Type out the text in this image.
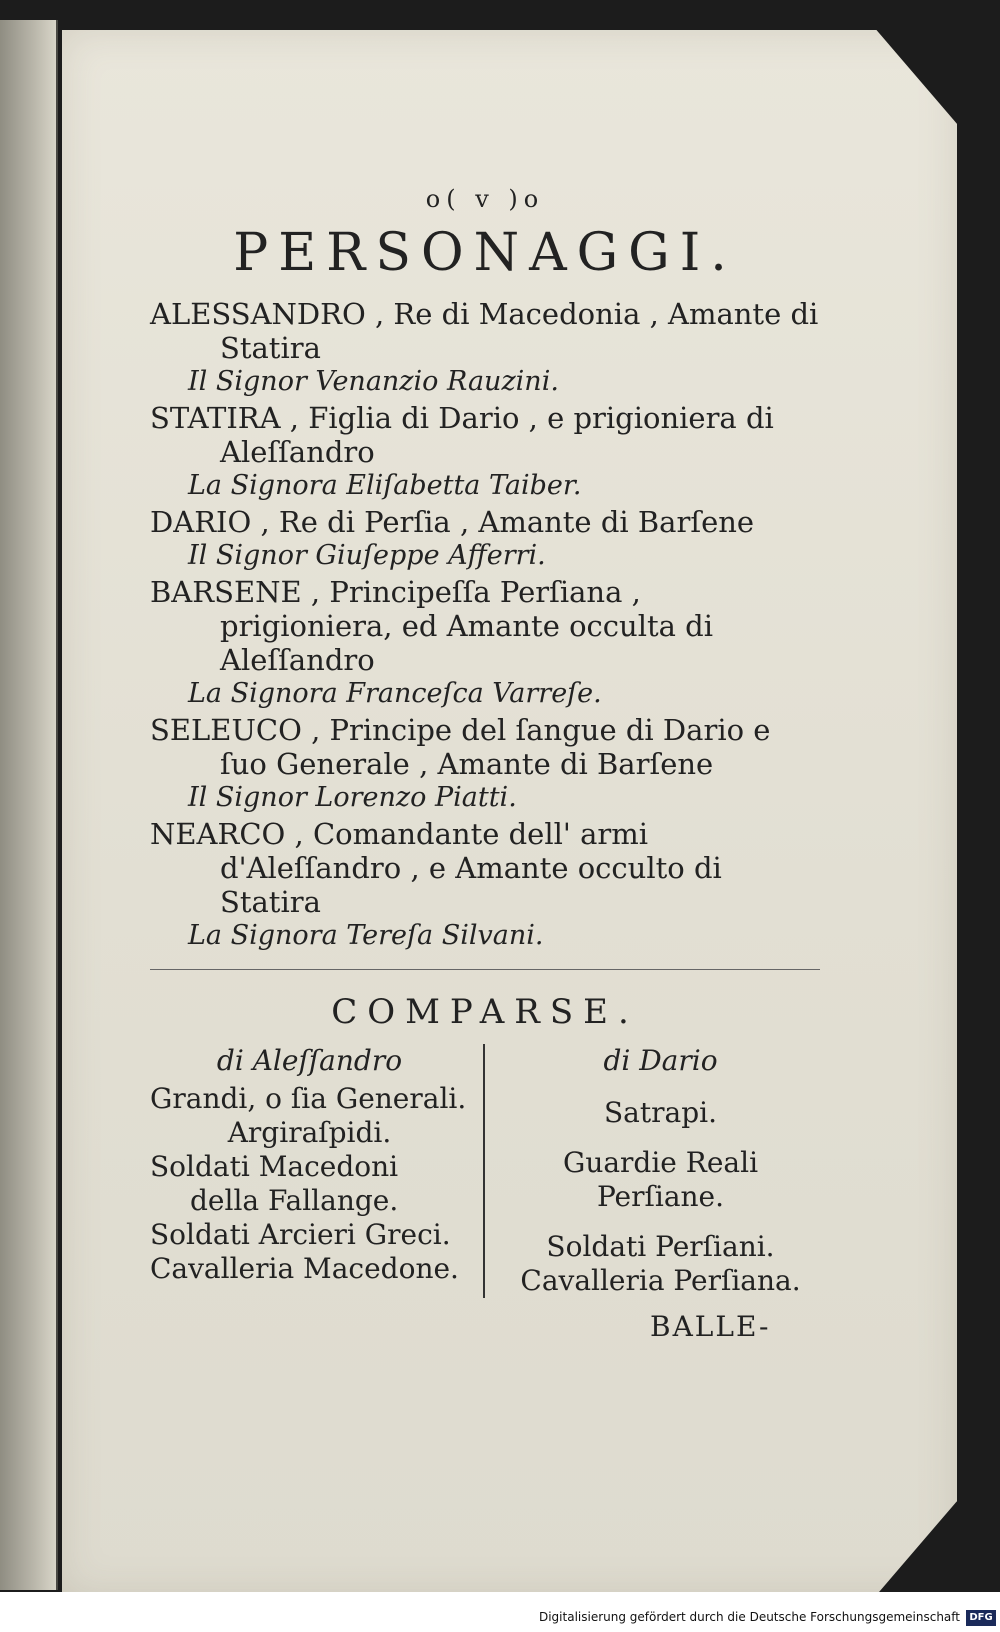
o( v )o
PERSONAGGI.

ALESSANDRO , Re di Macedonia , Amante di Statira

Il Signor Venanzio Rauzini.

STATIRA , Figlia di Dario , e prigioniera di Aleſſandro

La Signora Eliſabetta Taiber.

DARIO , Re di Perſia , Amante di Barſene

Il Signor Giuſeppe Afferri.

BARSENE , Principeſſa Perſiana , prigioniera, ed Amante occulta di Aleſſandro

La Signora Franceſca Varreſe.

SELEUCO , Principe del ſangue di Dario e ſuo Generale , Amante di Barſene

Il Signor Lorenzo Piatti.

NEARCO , Comandante dell' armi d'Aleſſandro , e Amante occulto di Statira

La Signora Tereſa Silvani.

COMPARSE.

di Aleſſandro

Grandi, o ſia Generali.

Argiraſpidi.

Soldati Macedoni della Fallange.

Soldati Arcieri Greci.

Cavalleria Macedone.

di Dario

Satrapi.

Guardie Reali Perſiane.

Soldati Perſiani.

Cavalleria Perſiana.

BALLE-
Digitalisierung gefördert durch die Deutsche Forschungsgemeinschaft DFG
